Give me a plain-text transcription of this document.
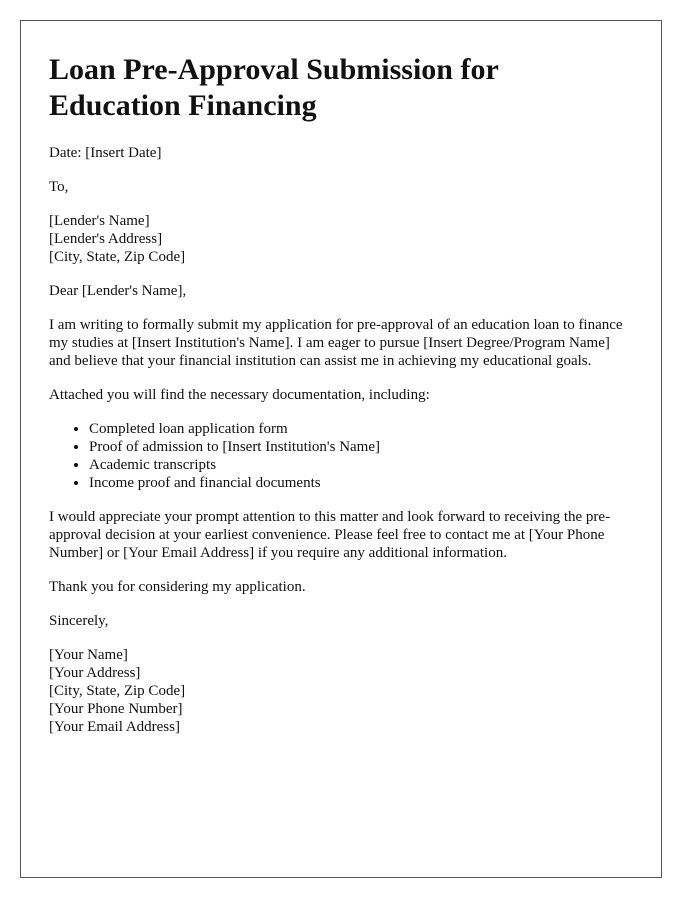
Loan Pre-Approval Submission for Education Financing

Date: [Insert Date]

To,

[Lender's Name]
[Lender's Address]
[City, State, Zip Code]

Dear [Lender's Name],

I am writing to formally submit my application for pre-approval of an education loan to finance my studies at [Insert Institution's Name]. I am eager to pursue [Insert Degree/Program Name] and believe that your financial institution can assist me in achieving my educational goals.

Attached you will find the necessary documentation, including:

• Completed loan application form
• Proof of admission to [Insert Institution's Name]
• Academic transcripts
• Income proof and financial documents

I would appreciate your prompt attention to this matter and look forward to receiving the pre-approval decision at your earliest convenience. Please feel free to contact me at [Your Phone Number] or [Your Email Address] if you require any additional information.

Thank you for considering my application.

Sincerely,

[Your Name]
[Your Address]
[City, State, Zip Code]
[Your Phone Number]
[Your Email Address]
